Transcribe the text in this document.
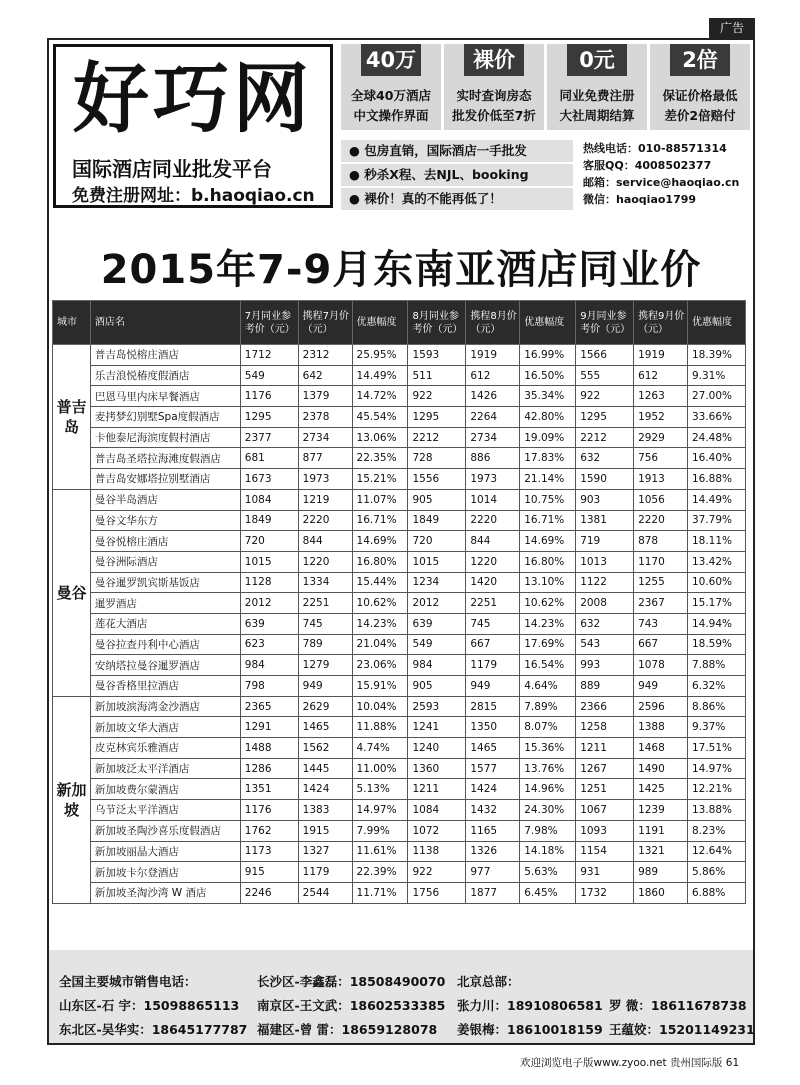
广告
好巧网
国际酒店同业批发平台
免费注册网址：b.haoqiao.cn
40万
全球40万酒店
中文操作界面
裸价
实时查询房态
批发价低至7折
0元
同业免费注册
大社周期结算
2倍
保证价格最低
差价2倍赔付
● 包房直销，国际酒店一手批发
● 秒杀X程、去NJL、booking
● 裸价！真的不能再低了！
热线电话：010-88571314
客服QQ：4008502377
邮箱：service@haoqiao.cn
微信：haoqiao1799
2015年7-9月东南亚酒店同业价
城市	酒店名	7月同业参考价（元）	携程7月价（元）	优惠幅度	8月同业参考价（元）	携程8月价（元）	优惠幅度	9月同业参考价（元）	携程9月价（元）	优惠幅度
普吉岛	普吉岛悦榕庄酒店	1712	2312	25.95%	1593	1919	16.99%	1566	1919	18.39%
	乐吉浪悦椿度假酒店	549	642	14.49%	511	612	16.50%	555	612	9.31%
	巴恩马里内床早餐酒店	1176	1379	14.72%	922	1426	35.34%	922	1263	27.00%
	麦拷梦幻别墅Spa度假酒店	1295	2378	45.54%	1295	2264	42.80%	1295	1952	33.66%
	卡他泰尼海滨度假村酒店	2377	2734	13.06%	2212	2734	19.09%	2212	2929	24.48%
	普吉岛圣塔拉海滩度假酒店	681	877	22.35%	728	886	17.83%	632	756	16.40%
	普吉岛安娜塔拉别墅酒店	1673	1973	15.21%	1556	1973	21.14%	1590	1913	16.88%
曼谷	曼谷半岛酒店	1084	1219	11.07%	905	1014	10.75%	903	1056	14.49%
	曼谷文华东方	1849	2220	16.71%	1849	2220	16.71%	1381	2220	37.79%
	曼谷悦榕庄酒店	720	844	14.69%	720	844	14.69%	719	878	18.11%
	曼谷洲际酒店	1015	1220	16.80%	1015	1220	16.80%	1013	1170	13.42%
	曼谷暹罗凯宾斯基饭店	1128	1334	15.44%	1234	1420	13.10%	1122	1255	10.60%
	暹罗酒店	2012	2251	10.62%	2012	2251	10.62%	2008	2367	15.17%
	莲花大酒店	639	745	14.23%	639	745	14.23%	632	743	14.94%
	曼谷拉查丹利中心酒店	623	789	21.04%	549	667	17.69%	543	667	18.59%
	安纳塔拉曼谷暹罗酒店	984	1279	23.06%	984	1179	16.54%	993	1078	7.88%
	曼谷香格里拉酒店	798	949	15.91%	905	949	4.64%	889	949	6.32%
新加坡	新加坡滨海湾金沙酒店	2365	2629	10.04%	2593	2815	7.89%	2366	2596	8.86%
	新加坡文华大酒店	1291	1465	11.88%	1241	1350	8.07%	1258	1388	9.37%
	皮克林宾乐雅酒店	1488	1562	4.74%	1240	1465	15.36%	1211	1468	17.51%
	新加坡泛太平洋酒店	1286	1445	11.00%	1360	1577	13.76%	1267	1490	14.97%
	新加坡费尔蒙酒店	1351	1424	5.13%	1211	1424	14.96%	1251	1425	12.21%
	乌节泛太平洋酒店	1176	1383	14.97%	1084	1432	24.30%	1067	1239	13.88%
	新加坡圣陶沙喜乐度假酒店	1762	1915	7.99%	1072	1165	7.98%	1093	1191	8.23%
	新加坡丽晶大酒店	1173	1327	11.61%	1138	1326	14.18%	1154	1321	12.64%
	新加坡卡尔登酒店	915	1179	22.39%	922	977	5.63%	931	989	5.86%
	新加坡圣淘沙湾 W 酒店	2246	2544	11.71%	1756	1877	6.45%	1732	1860	6.88%
全国主要城市销售电话：	长沙区-李鑫磊：18508490070 北京总部：
山东区-石 宇：15098865113 南京区-王文武：18602533385 张力川：18910806581 罗 微：18611678738
东北区-吴华实：18645177787 福建区-曾 雷：18659128078 姜银梅：18610018159 王蕴姣：15201149231
欢迎浏览电子版www.zyoo.net 贵州国际版 61
